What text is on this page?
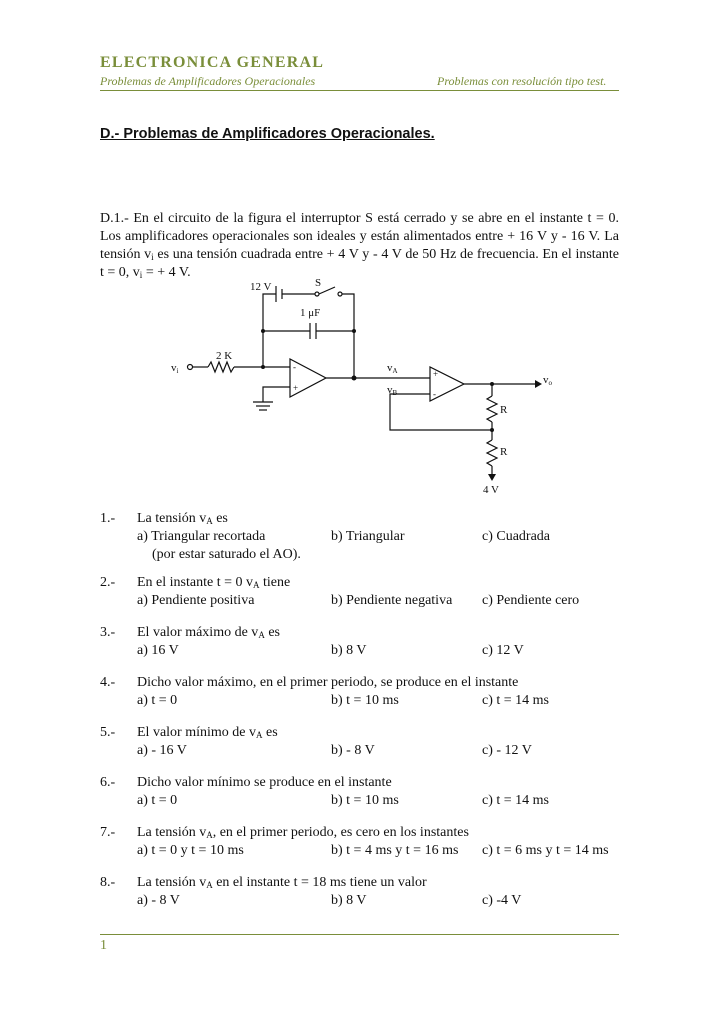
ELECTRONICA GENERAL
Problemas de Amplificadores Operacionales	Problemas con resolución tipo test.
D.- Problemas de Amplificadores Operacionales.
D.1.- En el circuito de la figura el interruptor S está cerrado y se abre en el instante t = 0. Los amplificadores operacionales son ideales y están alimentados entre + 16 V y - 16 V. La tensión $v_i$ es una tensión cuadrada entre + 4 V y - 4 V de 50 Hz de frecuencia. En el instante t = 0, $v_i$ = + 4 V.
12 V	S
1 μF
2 K
vi	-
+
+
-
vA
vB
vo
R
R
4 V
1.- La tensión $v_A$ es
a) Triangular recortada	b) Triangular	c) Cuadrada
(por estar saturado el AO).
2.- En el instante t = 0 $v_A$ tiene
a) Pendiente positiva	b) Pendiente negativa c) Pendiente cero
3.- El valor máximo de $v_A$ es
a) 16 V	b) 8 V	c) 12 V
4.- Dicho valor máximo, en el primer periodo, se produce en el instante
a) t = 0	b) t = 10 ms	c) t = 14 ms
5.- El valor mínimo de $v_A$ es
a) - 16 V	b) - 8 V	c) - 12 V
6.- Dicho valor mínimo se produce en el instante
a) t = 0	b) t = 10 ms	c) t = 14 ms
7.- La tensión $v_A$, en el primer periodo, es cero en los instantes
a) t = 0 y t = 10 ms	b) t = 4 ms y t = 16 ms c) t = 6 ms y t = 14 ms
8.- La tensión $v_A$ en el instante t = 18 ms tiene un valor
a) - 8 V	b) 8 V	c) -4 V
1
